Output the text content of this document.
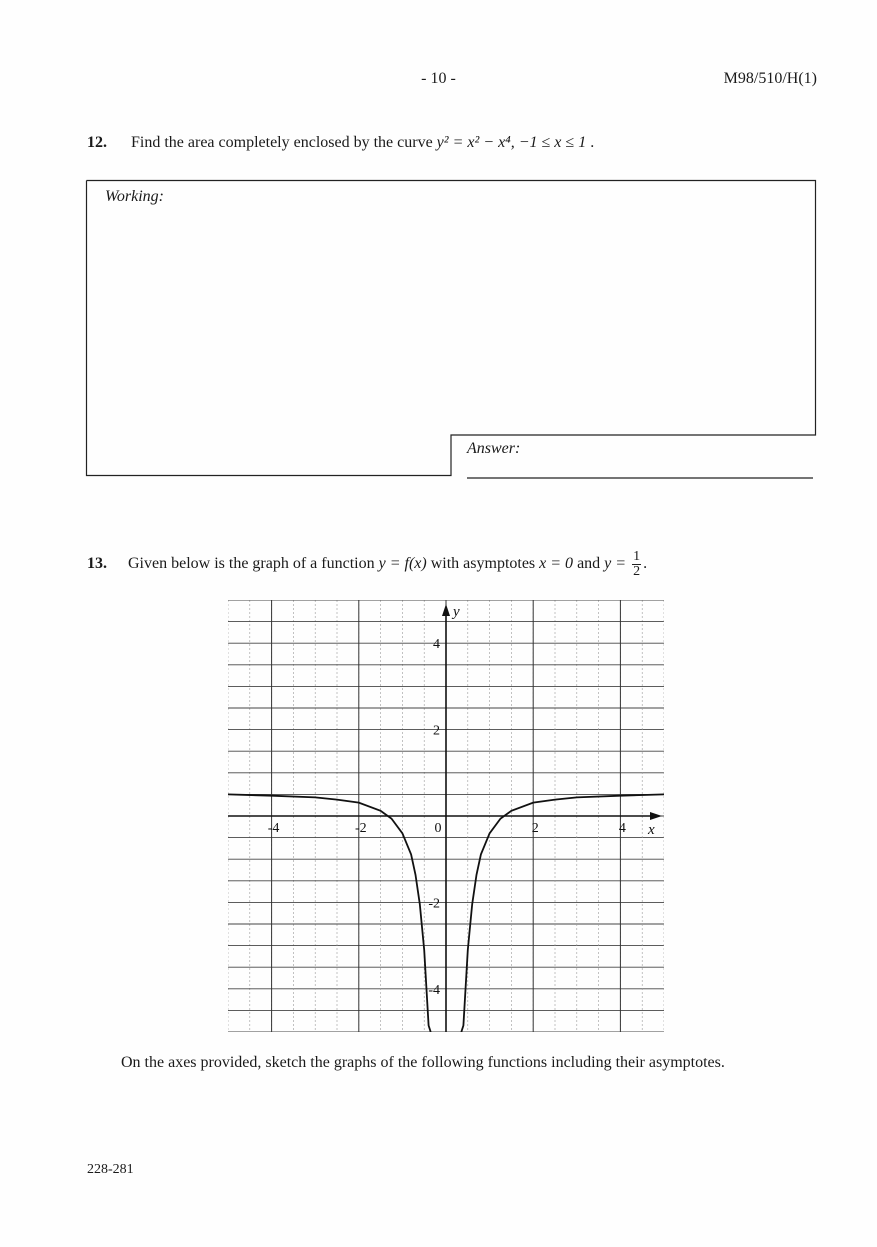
- 10 -	M98/510/H(1)
12. Find the area completely enclosed by the curve y² = x² − x⁴, −1 ≤ x ≤ 1 .
Working:
Answer:
13. Given below is the graph of a function y = f(x) with asymptotes x = 0 and $y = \frac{1}{2}$ .
-4	-2	0	2	4
4
2
-2
-4
x
y
On the axes provided, sketch the graphs of the following functions including their asymptotes.
228-281
